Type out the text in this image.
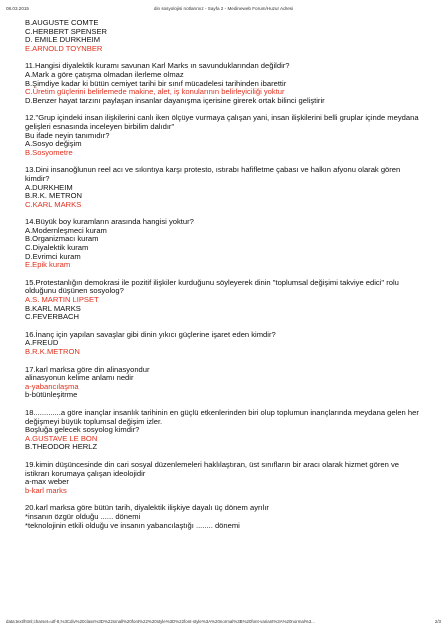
08.03.2015	din sosyolojisi notlarımız - Sayfa 2 - Medineweb Forum/Huzur Adresi
B.AUGUSTE COMTE
C.HERBERT SPENSER
D. EMILE DURKHEIM
E.ARNOLD TOYNBER
11.Hangisi diyalektik kuramı savunan Karl Marks ın savunduklarından değildir?
A.Mark a göre çatışma olmadan ilerleme olmaz
B.Şimdiye kadar ki bütün cemiyet tarihi bir sınıf mücadelesi tarihinden ibarettir
C.Üretim güçlerini belirlemede makine, alet, iş konularının belirleyiciliği yoktur
D.Benzer hayat tarzını paylaşan insanlar dayanışma içerisine girerek ortak bilinci geliştirir
12."Grup içindeki insan ilişkilerini canlı iken ölçüye vurmaya çalışan yani, insan ilişkilerini belli gruplar içinde meydana gelişleri esnasında inceleyen birbilim dalıdır"
Bu ifade neyin tanımıdır?
A.Sosyo değişim
B.Sosyometre
13.Dini insanoğlunun reel acı ve sıkıntıya karşı protesto, ıstırabı hafifletme çabası ve halkın afyonu olarak gören kimdir?
A.DURKHEIM
B.R.K. METRON
C.KARL MARKS
14.Büyük boy kuramların arasında hangisi yoktur?
A.Modernleşmeci kuram
B.Organizmacı kuram
C.Diyalektik kuram
D.Evrimci kuram
E.Epik kuram
15.Protestanlığın demokrasi ile pozitif ilişkiler kurduğunu söyleyerek dinin "toplumsal değişimi takviye edici" rolu olduğunu düşünen sosyolog?
A.S. MARTIN LIPSET
B.KARL MARKS
C.FEVERBACH
16.İnanç için yapılan savaşlar gibi dinin yıkıcı güçlerine işaret eden kimdir?
A.FREUD
B.R.K.METRON
17.karl marksa göre din alinasyondur
alinasyonun kelime anlamı nedir
a-yabancılaşma
b-bütünleşitrme
18.............a göre inançlar insanlık tarihinin en güçlü etkenlerinden biri olup toplumun inançlarında meydana gelen her değişmeyi büyük toplumsal değişim izler.
Boşluğa gelecek sosyolog kimdir?
A.GUSTAVE LE BON
B.THEODOR HERLZ
19.kimin düşüncesinde din cari sosyal düzenlemeleri haklılaştıran, üst sınıfların bir aracı olarak hizmet gören ve istikrarı korumaya çalışan ideolojidir
a-max weber
b-karl marks
20.karl marksa göre bütün tarih, diyalektik ilişkiye dayalı üç dönem ayrılır
*insanın özgür olduğu ...... dönemi
*teknolojinin etkili olduğu ve insanın yabancılaştığı ........ dönemi
data:text/html;charset=utf-8,%3Cdiv%20class%3D%22small%20font%22%20style%3D%22font-style%3A%20normal%3B%20font-variant%3A%20normal%3...	2/3
